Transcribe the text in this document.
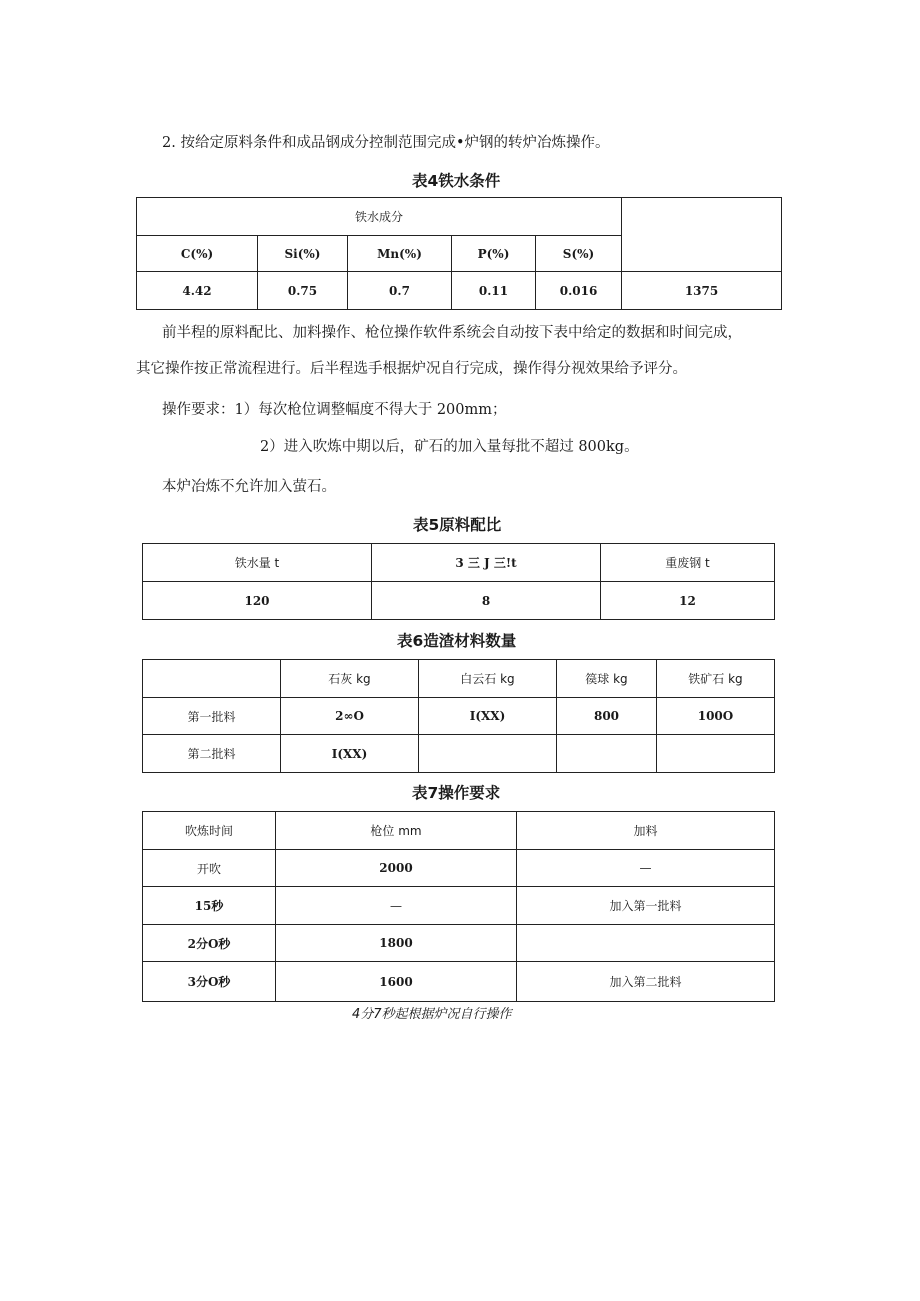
2. 按给定原料条件和成品钢成分控制范围完成•炉钢的转炉冶炼操作。
表4铁水条件
铁水成分					
C(%)	Si(%)	Mn(%)	P(%)	S(%)	
4.42	0.75	0.7	0.11	0.016	1375
前半程的原料配比、加料操作、枪位操作软件系统会自动按下表中给定的数据和时间完成，
其它操作按正常流程进行。后半程选手根据炉况自行完成，操作得分视效果给予评分。
操作要求：1）每次枪位调整幅度不得大于 200mm；
2）进入吹炼中期以后，矿石的加入量每批不超过 800kg。
本炉冶炼不允许加入萤石。
表5原料配比
铁水量 t	3 三 J 三!t	重废钢 t
120	8	12
表6造渣材料数量
	石灰 kg	白云石 kg	篌球 kg	铁矿石 kg
第一批料	2∞O	I(XX)	800	100O
第二批料	I(XX)			
表7操作要求
吹炼时间	枪位 mm	加料
开吹	2000	—
15秒	—	加入第一批料
2分O秒	1800	
3分O秒	1600	加入第二批料
4分7秒起根据炉况自行操作
